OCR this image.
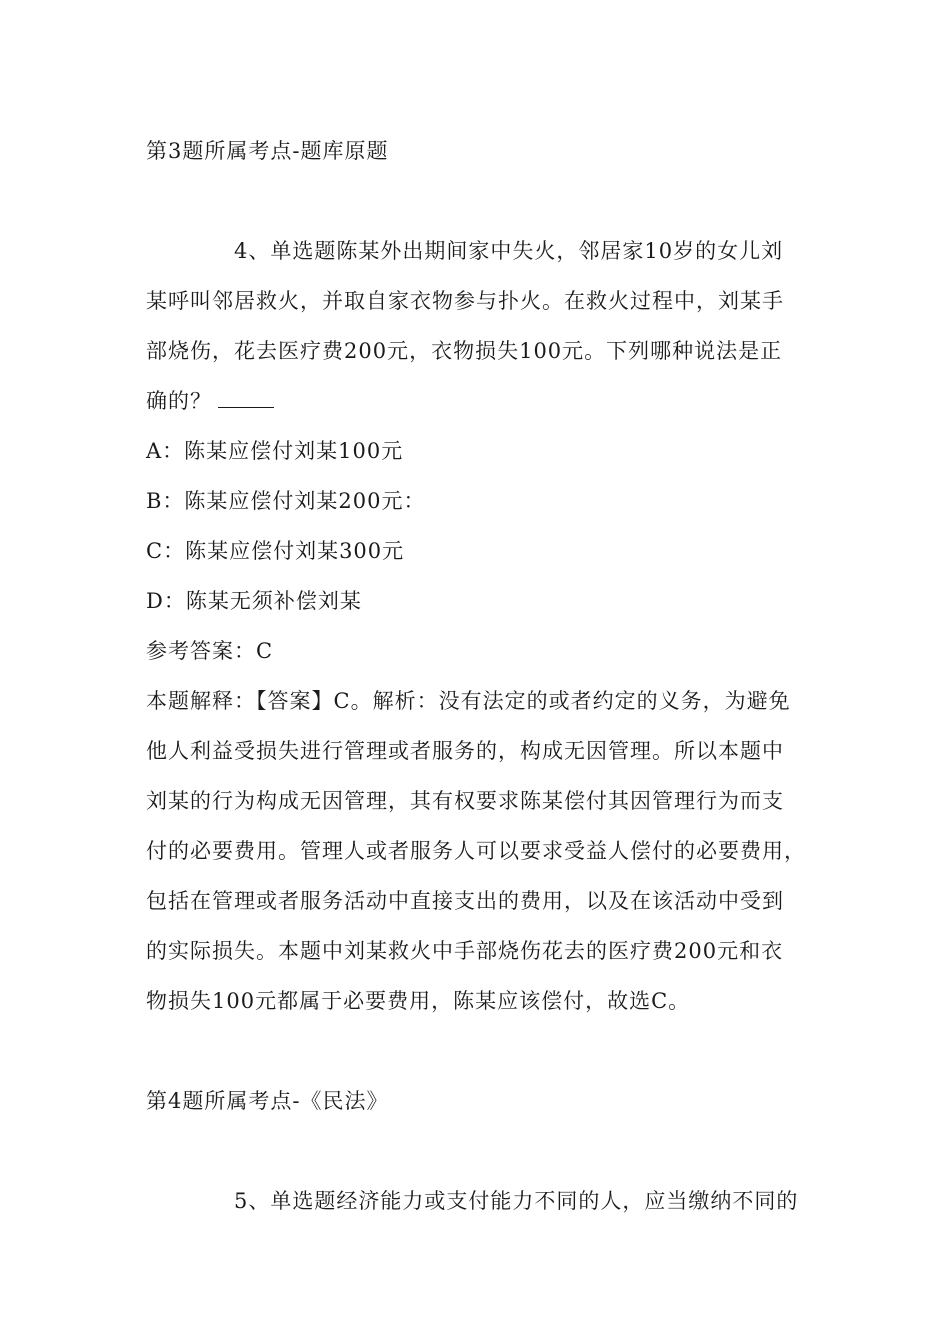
第3题所属考点-题库原题
4、单选题陈某外出期间家中失火，邻居家10岁的女儿刘
某呼叫邻居救火，并取自家衣物参与扑火。在救火过程中，刘某手
部烧伤，花去医疗费200元，衣物损失100元。下列哪种说法是正
确的？
A：陈某应偿付刘某100元
B：陈某应偿付刘某200元：
C：陈某应偿付刘某300元
D：陈某无须补偿刘某
参考答案：C
本题解释：【答案】C。解析：没有法定的或者约定的义务，为避免
他人利益受损失进行管理或者服务的，构成无因管理。所以本题中
刘某的行为构成无因管理，其有权要求陈某偿付其因管理行为而支
付的必要费用。管理人或者服务人可以要求受益人偿付的必要费用，
包括在管理或者服务活动中直接支出的费用，以及在该活动中受到
的实际损失。本题中刘某救火中手部烧伤花去的医疗费200元和衣
物损失100元都属于必要费用，陈某应该偿付，故选C。
第4题所属考点-《民法》
5、单选题经济能力或支付能力不同的人，应当缴纳不同的
